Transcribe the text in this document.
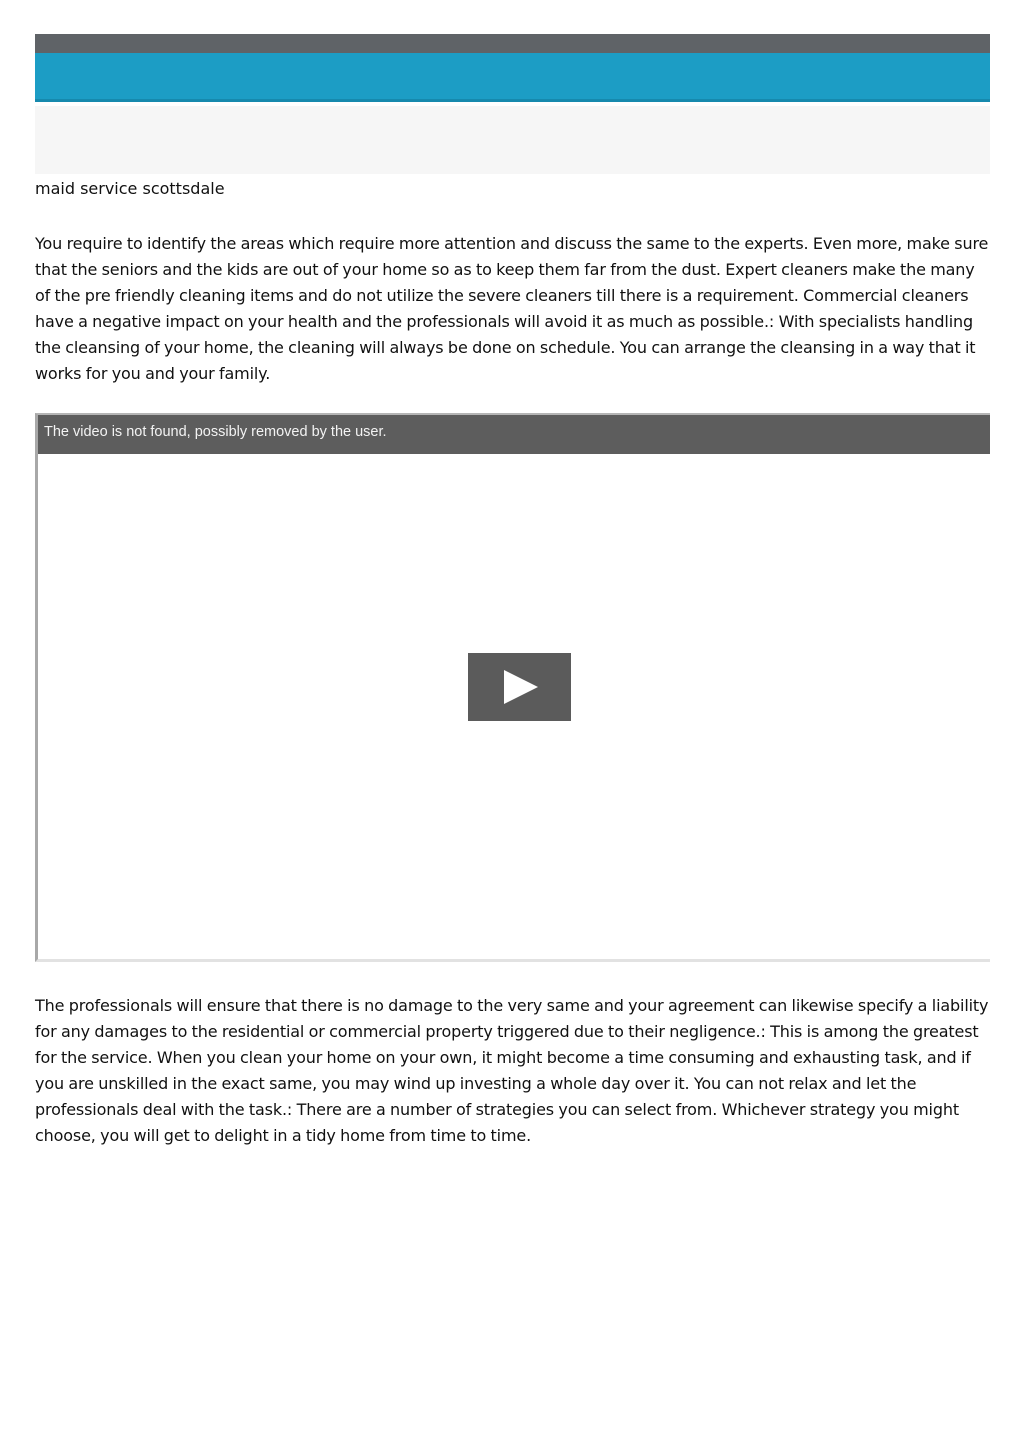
maid service scottsdale

You require to identify the areas which require more attention and discuss the same to the experts. Even more, make sure that the seniors and the kids are out of your home so as to keep them far from the dust. Expert cleaners make the many of the pre friendly cleaning items and do not utilize the severe cleaners till there is a requirement. Commercial cleaners have a negative impact on your health and the professionals will avoid it as much as possible.: With specialists handling the cleansing of your home, the cleaning will always be done on schedule. You can arrange the cleansing in a way that it works for you and your family.

The video is not found, possibly removed by the user.

The professionals will ensure that there is no damage to the very same and your agreement can likewise specify a liability for any damages to the residential or commercial property triggered due to their negligence.: This is among the greatest for the service. When you clean your home on your own, it might become a time consuming and exhausting task, and if you are unskilled in the exact same, you may wind up investing a whole day over it. You can not relax and let the professionals deal with the task.: There are a number of strategies you can select from. Whichever strategy you might choose, you will get to delight in a tidy home from time to time.
